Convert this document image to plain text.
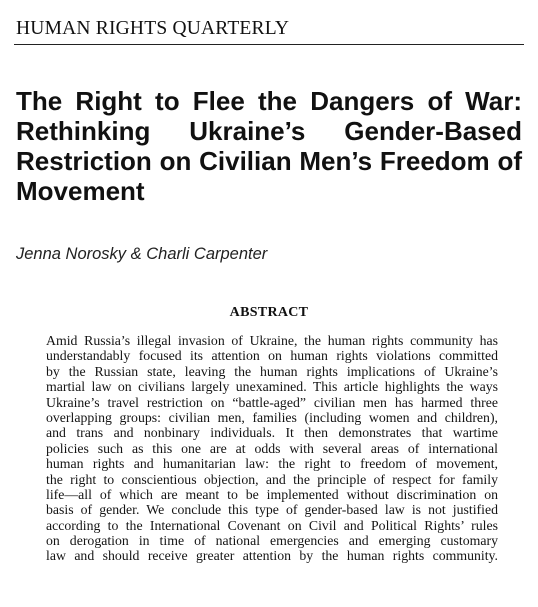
HUMAN RIGHTS QUARTERLY
The Right to Flee the Dangers of War:
Rethinking Ukraine’s Gender-Based
Restriction on Civilian Men’s Freedom of
Movement
Jenna Norosky & Charli Carpenter
ABSTRACT
Amid Russia’s illegal invasion of Ukraine, the human rights community has
understandably focused its attention on human rights violations committed
by the Russian state, leaving the human rights implications of Ukraine’s
martial law on civilians largely unexamined. This article highlights the ways
Ukraine’s travel restriction on “battle-aged” civilian men has harmed three
overlapping groups: civilian men, families (including women and children),
and trans and nonbinary individuals. It then demonstrates that wartime
policies such as this one are at odds with several areas of international
human rights and humanitarian law: the right to freedom of movement,
the right to conscientious objection, and the principle of respect for family
life—all of which are meant to be implemented without discrimination on
basis of gender. We conclude this type of gender-based law is not justified
according to the International Covenant on Civil and Political Rights’ rules
on derogation in time of national emergencies and emerging customary
law and should receive greater attention by the human rights community.
